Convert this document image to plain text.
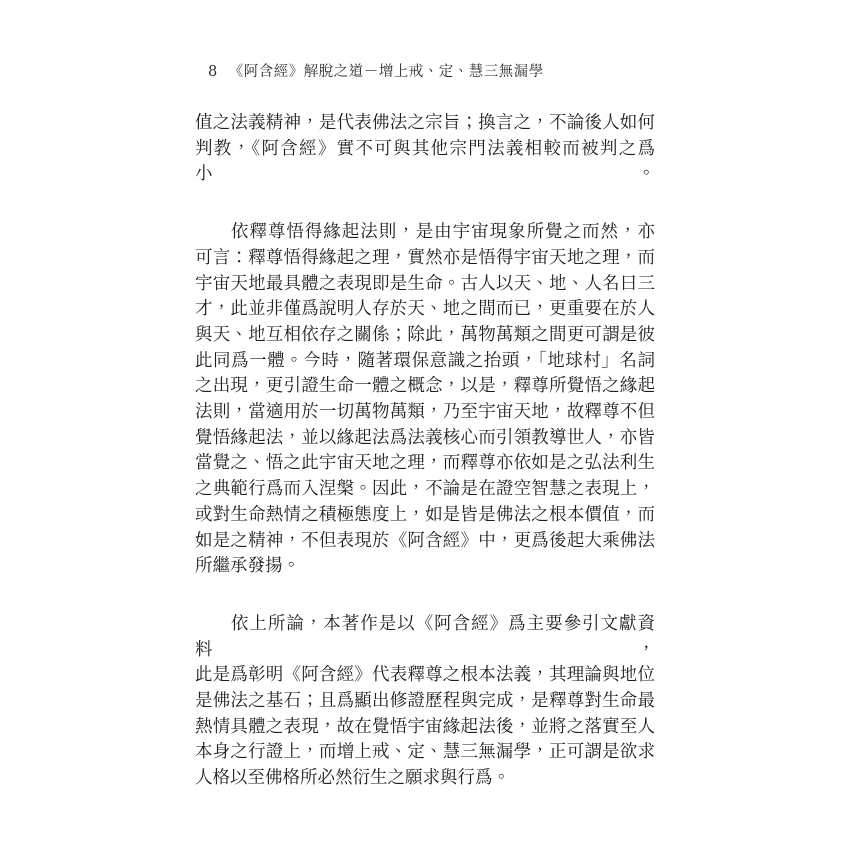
8 《阿含經》解脫之道－增上戒、定、慧三無漏學
值之法義精神，是代表佛法之宗旨；換言之，不論後人如何
判教，《阿含經》實不可與其他宗門法義相較而被判之爲小。
依釋尊悟得緣起法則，是由宇宙現象所覺之而然，亦
可言：釋尊悟得緣起之理，實然亦是悟得宇宙天地之理，而
宇宙天地最具體之表現即是生命。古人以天、地、人名曰三
才，此並非僅爲說明人存於天、地之間而已，更重要在於人
與天、地互相依存之關係；除此，萬物萬類之間更可謂是彼
此同爲一體。今時，隨著環保意識之抬頭，「地球村」名詞
之出現，更引證生命一體之概念，以是，釋尊所覺悟之緣起
法則，當適用於一切萬物萬類，乃至宇宙天地，故釋尊不但
覺悟緣起法，並以緣起法爲法義核心而引領教導世人，亦皆
當覺之、悟之此宇宙天地之理，而釋尊亦依如是之弘法利生
之典範行爲而入涅槃。因此，不論是在證空智慧之表現上，
或對生命熱情之積極態度上，如是皆是佛法之根本價值，而
如是之精神，不但表現於《阿含經》中，更爲後起大乘佛法
所繼承發揚。
依上所論，本著作是以《阿含經》爲主要參引文獻資料，
此是爲彰明《阿含經》代表釋尊之根本法義，其理論與地位
是佛法之基石；且爲顯出修證歷程與完成，是釋尊對生命最
熱情具體之表現，故在覺悟宇宙緣起法後，並將之落實至人
本身之行證上，而增上戒、定、慧三無漏學，正可謂是欲求
人格以至佛格所必然衍生之願求與行爲。
